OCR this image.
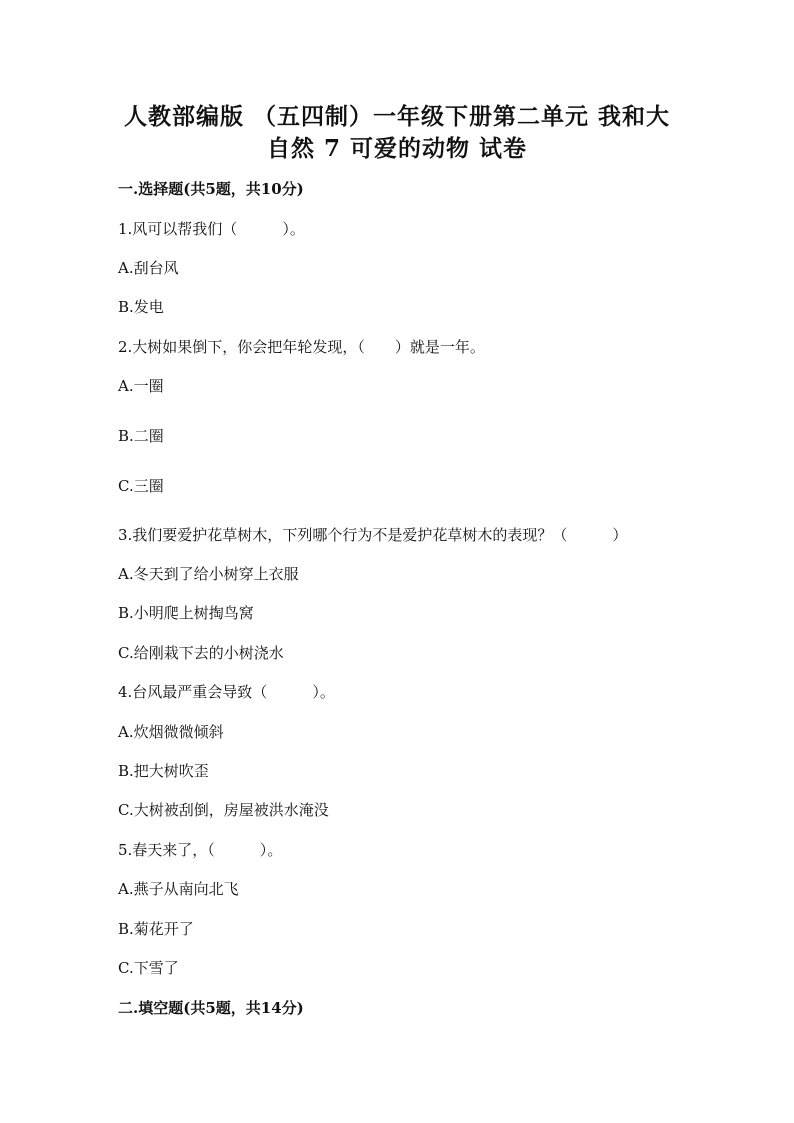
人教部编版 （五四制）一年级下册第二单元 我和大
自然 7 可爱的动物 试卷
一.选择题(共5题，共10分)
1.风可以帮我们（　　　）。
A.刮台风
B.发电
2.大树如果倒下，你会把年轮发现，（　　）就是一年。
A.一圈
B.二圈
C.三圈
3.我们要爱护花草树木，下列哪个行为不是爱护花草树木的表现？（　　　）
A.冬天到了给小树穿上衣服
B.小明爬上树掏鸟窝
C.给刚栽下去的小树浇水
4.台风最严重会导致（　　　）。
A.炊烟微微倾斜
B.把大树吹歪
C.大树被刮倒，房屋被洪水淹没
5.春天来了，（　　　）。
A.燕子从南向北飞
B.菊花开了
C.下雪了
二.填空题(共5题，共14分)
